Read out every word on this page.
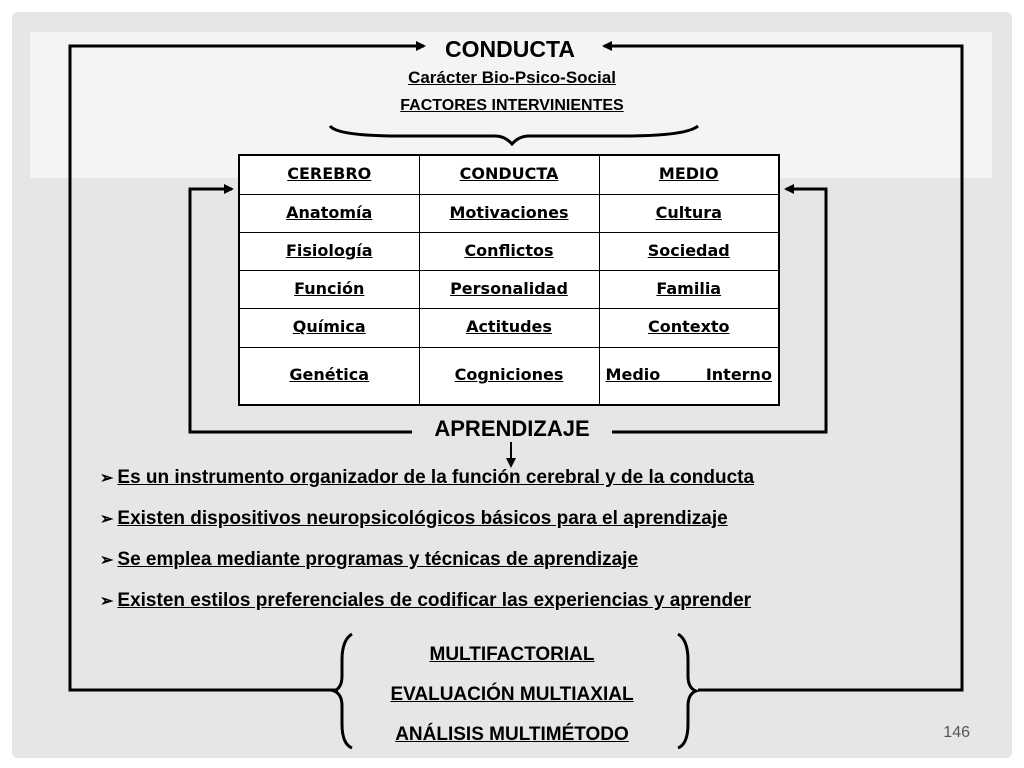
CONDUCTA
Carácter Bio-Psico-Social
FACTORES INTERVINIENTES
CEREBRO	CONDUCTA	MEDIO
Anatomía	Motivaciones	Cultura
Fisiología	Conflictos	Sociedad
Función	Personalidad	Familia
Química	Actitudes	Contexto
Genética	Cogniciones	Medio Interno
APRENDIZAJE
➢ Es un instrumento organizador de la función cerebral y de la conducta
➢ Existen dispositivos neuropsicológicos básicos para el aprendizaje
➢ Se emplea mediante programas y técnicas de aprendizaje
➢ Existen estilos preferenciales de codificar las experiencias y aprender
MULTIFACTORIAL
EVALUACIÓN MULTIAXIAL
ANÁLISIS MULTIMÉTODO	146
